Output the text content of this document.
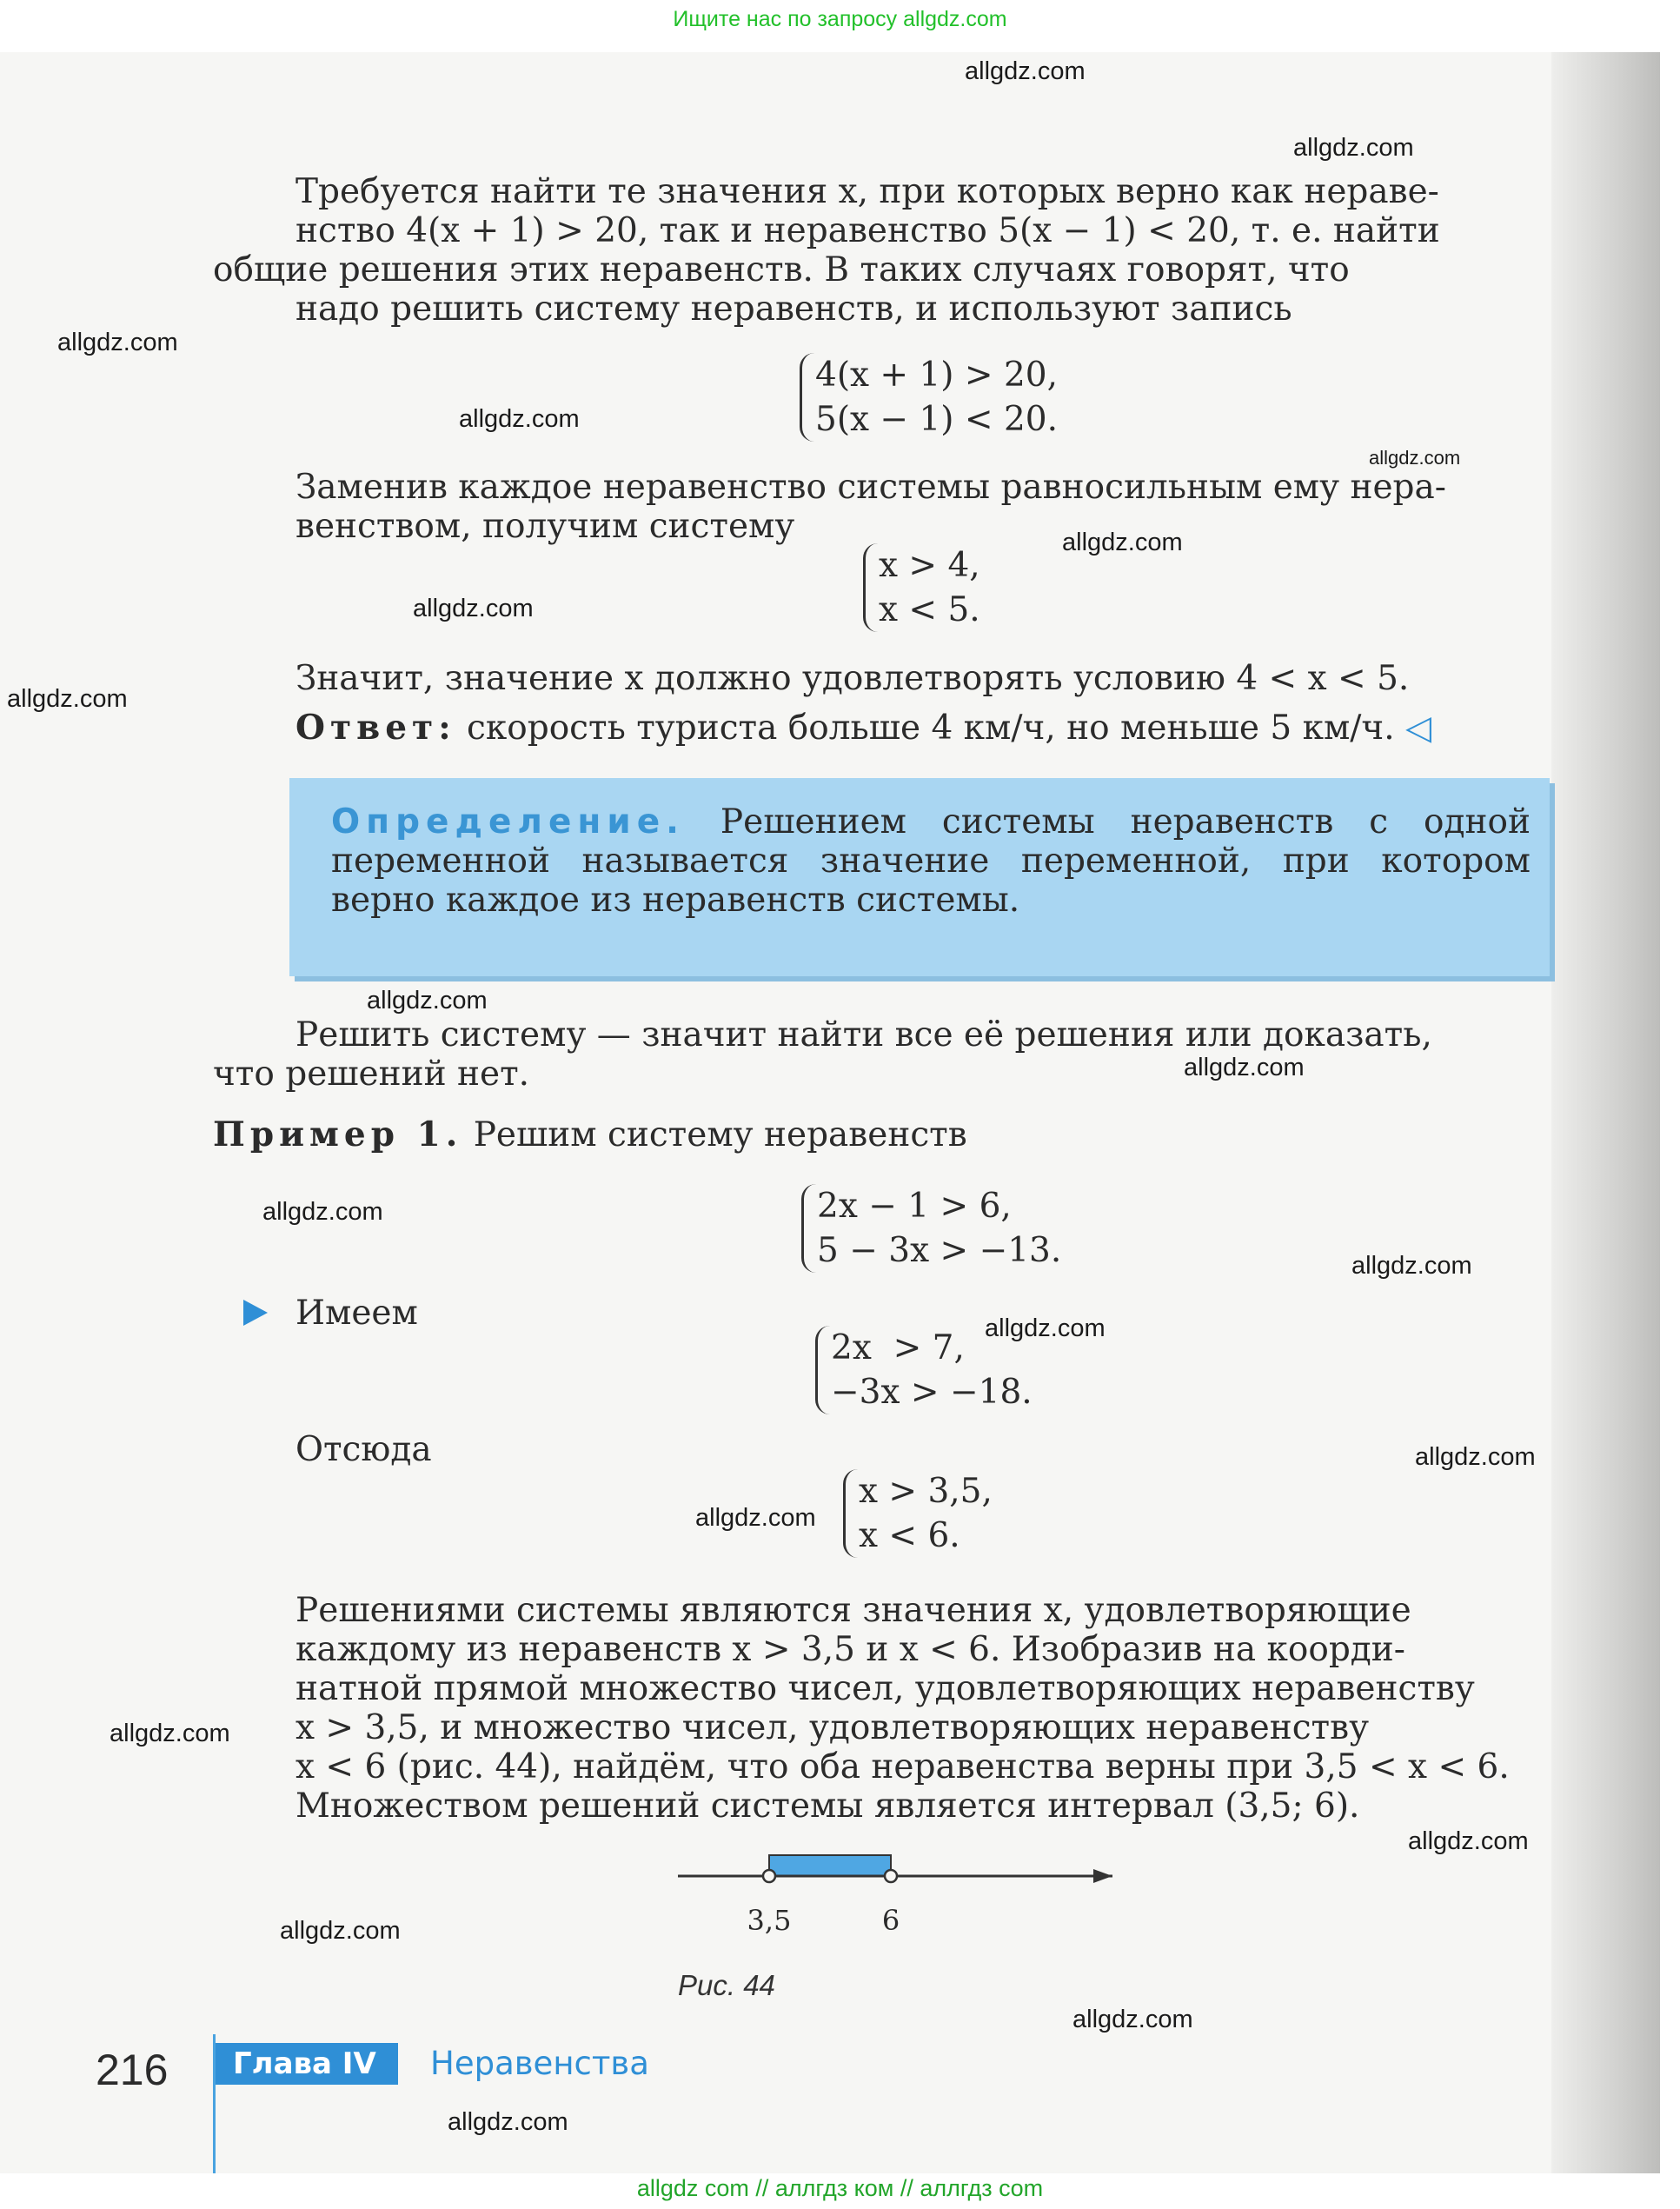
Ищите нас по запросу allgdz.com
allgdz.com
allgdz.com
allgdz.com
allgdz.com
allgdz.com
allgdz.com
allgdz.com
allgdz.com
allgdz.com
allgdz.com
allgdz.com
allgdz.com
allgdz.com
allgdz.com
allgdz.com
allgdz.com
allgdz.com
allgdz.com
allgdz.com
allgdz.com
Требуется найти те значения x, при которых верно как нераве-
нство 4(x + 1) > 20, так и неравенство 5(x − 1) < 20, т. е. найти
общие решения этих неравенств. В таких случаях говорят, что
надо решить систему неравенств, и используют запись
4(x + 1) > 20,
5(x − 1) < 20.
Заменив каждое неравенство системы равносильным ему нера-
венством, получим систему
x > 4,
x < 5.
Значит, значение x должно удовлетворять условию 4 < x < 5.
Ответ: скорость туриста больше 4 км/ч, но меньше 5 км/ч. ◁
Определение. Решением системы неравенств с одной переменной называется значение переменной, при котором верно каждое из неравенств системы.
Решить систему — значит найти все её решения или доказать,
что решений нет.
Пример 1. Решим систему неравенств
2x − 1 > 6,
5 − 3x > −13.
Имеем
2x  > 7,
−3x > −18.
Отсюда
x > 3,5,
x < 6.
Решениями системы являются значения x, удовлетворяющие
каждому из неравенств x > 3,5 и x < 6. Изобразив на коорди-
натной прямой множество чисел, удовлетворяющих неравенству
x > 3,5, и множество чисел, удовлетворяющих неравенству
x < 6 (рис. 44), найдём, что оба неравенства верны при 3,5 < x < 6.
Множеством решений системы является интервал (3,5; 6).
3,5	6
Рис. 44
216	Глава IV	Неравенства
allgdz com // аллгдз ком // аллгдз com
